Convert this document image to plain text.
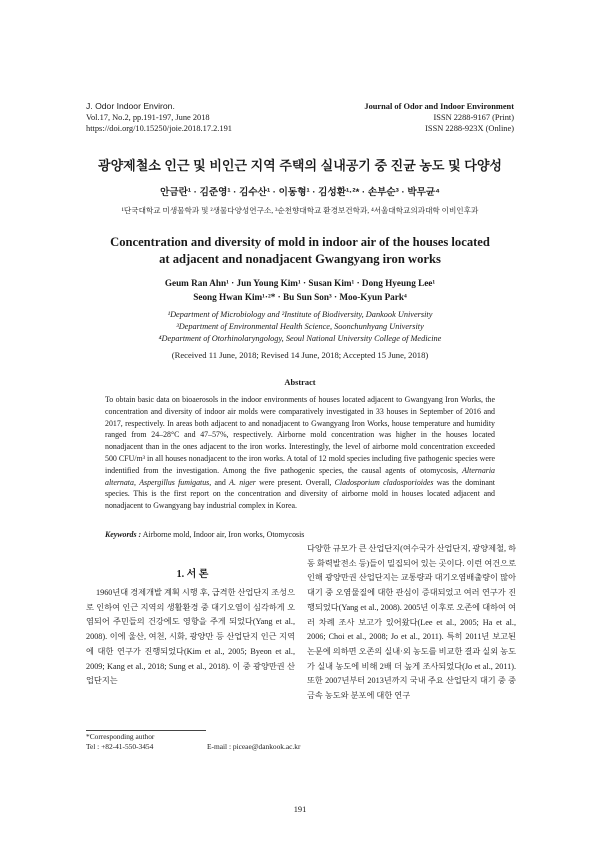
J. Odor Indoor Environ.
Vol.17, No.2, pp.191-197, June 2018
https://doi.org/10.15250/joie.2018.17.2.191
Journal of Odor and Indoor Environment
ISSN 2288-9167 (Print)
ISSN 2288-923X (Online)
광양제철소 인근 및 비인근 지역 주택의 실내공기 중 진균 농도 및 다양성
안금란¹ · 김준영¹ · 김수산¹ · 이동형¹ · 김성환¹·²* · 손부순³ · 박무균⁴
¹단국대학교 미생물학과 및 ²생물다양성연구소, ³순천향대학교 환경보건학과, ⁴서울대학교의과대학 이비인후과
Concentration and diversity of mold in indoor air of the houses located
at adjacent and nonadjacent Gwangyang iron works
Geum Ran Ahn¹ · Jun Young Kim¹ · Susan Kim¹ · Dong Hyeung Lee¹
Seong Hwan Kim¹·²* · Bu Sun Son³ · Moo-Kyun Park⁴
¹Department of Microbiology and ²Institute of Biodiversity, Dankook University
³Department of Environmental Health Science, Soonchunhyang University
⁴Department of Otorhinolaryngology, Seoul National University College of Medicine
(Received 11 June, 2018; Revised 14 June, 2018; Accepted 15 June, 2018)
Abstract
To obtain basic data on bioaerosols in the indoor environments of houses located adjacent to Gwangyang Iron Works, the concentration and diversity of indoor air molds were comparatively investigated in 33 houses in September of 2016 and 2017, respectively. In areas both adjacent to and nonadjacent to Gwangyang Iron Works, house temperature and humidity ranged from 24–28°C and 47–57%, respectively. Airborne mold concentration was higher in the houses located nonadjacent than in the ones adjacent to the iron works. Interestingly, the level of airborne mold concentration exceeded 500 CFU/m³ in all houses nonadjacent to the iron works. A total of 12 mold species including five pathogenic species were indentified from the investigation. Among the five pathogenic species, the causal agents of otomycosis, Alternaria alternata, Aspergillus fumigatus, and A. niger were present. Overall, Cladosporium cladosporioides was the dominant species. This is the first report on the concentration and diversity of airborne mold in houses located adjacent and nonadjacent to Gwangyang bay industrial complex in Korea.
Keywords : Airborne mold, Indoor air, Iron works, Otomycosis
1. 서 론

1960년대 경제개발 계획 시행 후, 급격한 산업단지 조성으로 인하여 인근 지역의 생활환경 중 대기오염이 심각하게 오염되어 주민들의 건강에도 영향을 주게 되었다(Yang et al., 2008). 이에 울산, 여천, 시화, 광양만 등 산업단지 인근 지역에 대한 연구가 진행되었다(Kim et al., 2005; Byeon et al., 2009; Kang et al., 2018; Sung et al., 2018). 이 중 광양만권 산업단지는

다양한 규모가 큰 산업단지(여수국가 산업단지, 광양제철, 하동 화력발전소 등)들이 밀집되어 있는 곳이다. 이런 여건으로 인해 광양만권 산업단지는 교통량과 대기오염배출량이 많아 대기 중 오염물질에 대한 관심이 증대되었고 여러 연구가 진행되었다(Yang et al., 2008). 2005년 이후로 오존에 대하여 여러 차례 조사 보고가 있어왔다(Lee et al., 2005; Ha et al., 2006; Choi et al., 2008; Jo et al., 2011). 특히 2011년 보고된 논문에 의하면 오존의 실내·외 농도를 비교한 결과 실외 농도가 실내 농도에 비해 2배 더 높게 조사되었다(Jo et al., 2011). 또한 2007년부터 2013년까지 국내 주요 산업단지 대기 중 중금속 농도와 분포에 대한 연구

*Corresponding author
Tel : +82-41-550-3454	E-mail : piceae@dankook.ac.kr
191
